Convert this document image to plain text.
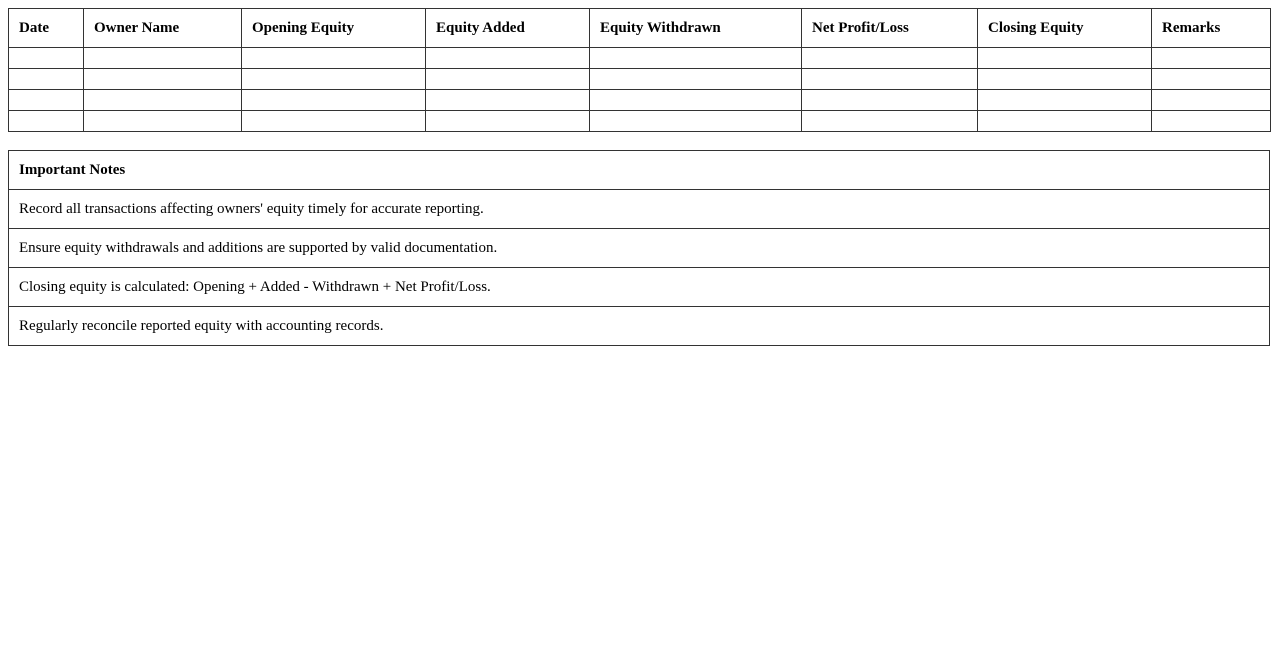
Date	Owner Name	Opening Equity	Equity Added	Equity Withdrawn	Net Profit/Loss	Closing Equity	Remarks

Important Notes
Record all transactions affecting owners' equity timely for accurate reporting.
Ensure equity withdrawals and additions are supported by valid documentation.
Closing equity is calculated: Opening + Added - Withdrawn + Net Profit/Loss.
Regularly reconcile reported equity with accounting records.
